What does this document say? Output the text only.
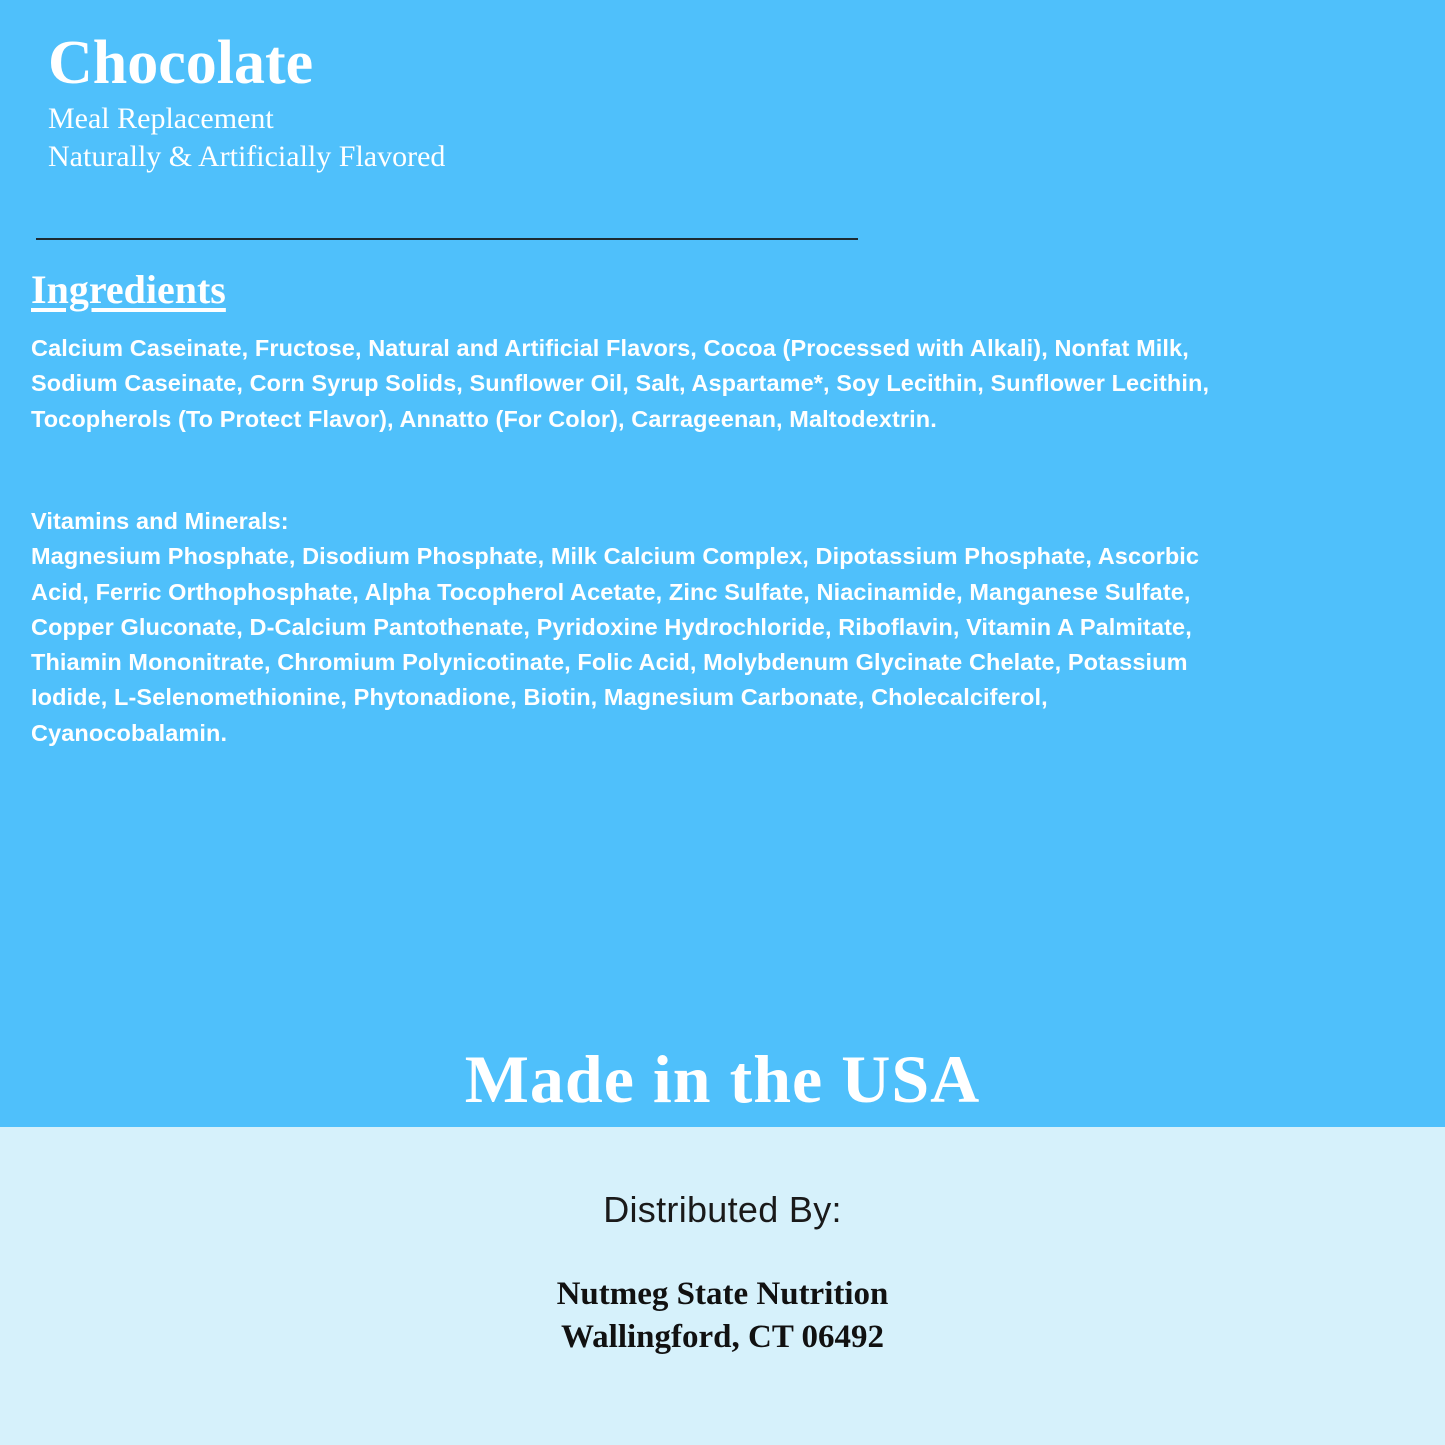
Chocolate
Meal Replacement
Naturally & Artificially Flavored
Ingredients
Calcium Caseinate, Fructose, Natural and Artificial Flavors, Cocoa (Processed with Alkali), Nonfat Milk, Sodium Caseinate, Corn Syrup Solids, Sunflower Oil, Salt, Aspartame*, Soy Lecithin, Sunflower Lecithin, Tocopherols (To Protect Flavor), Annatto (For Color), Carrageenan, Maltodextrin.
Vitamins and Minerals:
Magnesium Phosphate, Disodium Phosphate, Milk Calcium Complex, Dipotassium Phosphate, Ascorbic Acid, Ferric Orthophosphate, Alpha Tocopherol Acetate, Zinc Sulfate, Niacinamide, Manganese Sulfate, Copper Gluconate, D-Calcium Pantothenate, Pyridoxine Hydrochloride, Riboflavin, Vitamin A Palmitate, Thiamin Mononitrate, Chromium Polynicotinate, Folic Acid, Molybdenum Glycinate Chelate, Potassium Iodide, L-Selenomethionine, Phytonadione, Biotin, Magnesium Carbonate, Cholecalciferol, Cyanocobalamin.
Made in the USA
Distributed By:
Nutmeg State Nutrition
Wallingford, CT 06492
